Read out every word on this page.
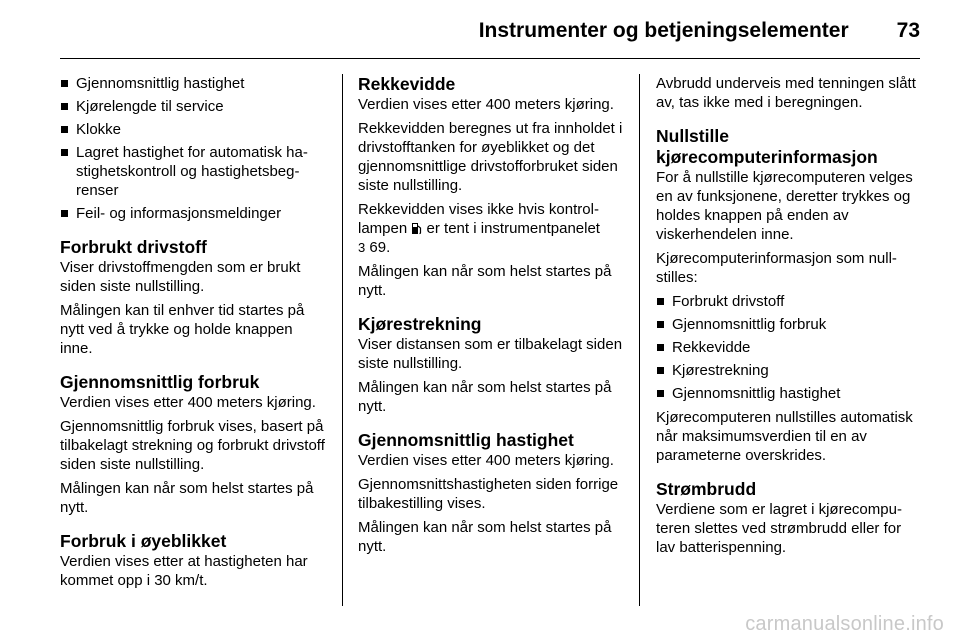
Instrumenter og betjeningselementer 73
Gjennomsnittlig hastighet
Kjørelengde til service
Klokke
Lagret hastighet for automatisk hastighetskontroll og hastighetsbegrenser
Feil- og informasjonsmeldinger
Forbrukt drivstoff

Viser drivstoffmengden som er brukt siden siste nullstilling.

Målingen kan til enhver tid startes på nytt ved å trykke og holde knappen inne.

Gjennomsnittlig forbruk

Verdien vises etter 400 meters kjøring.

Gjennomsnittlig forbruk vises, basert på tilbakelagt strekning og forbrukt drivstoff siden siste nullstilling.

Målingen kan når som helst startes på nytt.

Forbruk i øyeblikket

Verdien vises etter at hastigheten har kommet opp i 30 km/t.

Rekkevidde

Verdien vises etter 400 meters kjøring.

Rekkevidden beregnes ut fra innholdet i drivstofftanken for øyeblikket og det gjennomsnittlige drivstofforbruket siden siste nullstilling.

Rekkevidden vises ikke hvis kontrollampen  er tent i instrumentpanelet
3 69.

Målingen kan når som helst startes på nytt.

Kjørestrekning

Viser distansen som er tilbakelagt siden siste nullstilling.

Målingen kan når som helst startes på nytt.

Gjennomsnittlig hastighet

Verdien vises etter 400 meters kjøring.

Gjennomsnittshastigheten siden forrige tilbakestilling vises.

Målingen kan når som helst startes på nytt.

Avbrudd underveis med tenningen slått av, tas ikke med i beregningen.

Nullstille kjørecomputerinformasjon

For å nullstille kjørecomputeren velges en av funksjonene, deretter trykkes og holdes knappen på enden av viskerhendelen inne.

Kjørecomputerinformasjon som nullstilles:

Forbrukt drivstoff
Gjennomsnittlig forbruk
Rekkevidde
Kjørestrekning
Gjennomsnittlig hastighet

Kjørecomputeren nullstilles automatisk når maksimumsverdien til en av parameterne overskrides.

Strømbrudd

Verdiene som er lagret i kjørecomputeren slettes ved strømbrudd eller for lav batterispenning.

carmanualsonline.info
